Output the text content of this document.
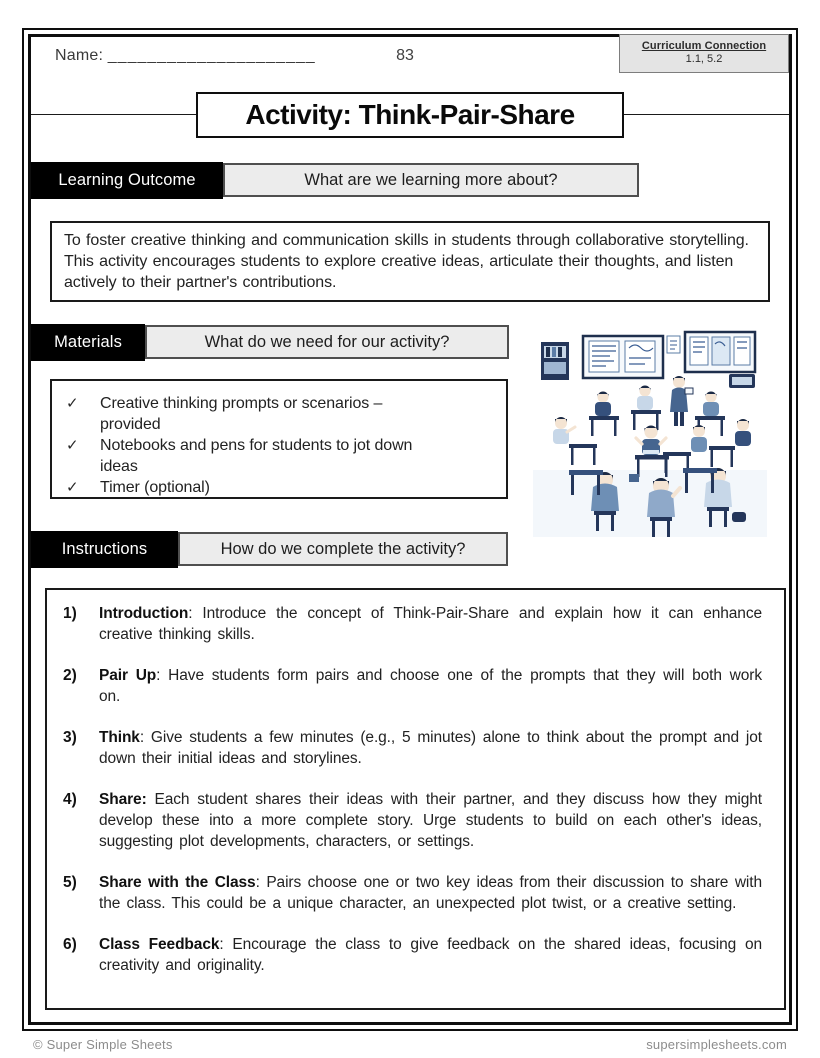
Name: _____________________	83
Curriculum Connection
1.1, 5.2
Activity: Think-Pair-Share
Learning Outcome	What are we learning more about?
To foster creative thinking and communication skills in students through collaborative storytelling. This activity encourages students to explore creative ideas, articulate their thoughts, and listen actively to their partner's contributions.
Materials	What do we need for our activity?
✓	Creative thinking prompts or scenarios – provided
✓	Notebooks and pens for students to jot down ideas
✓	Timer (optional)
Instructions	How do we complete the activity?
1)	Introduction: Introduce the concept of Think-Pair-Share and explain how it can enhance creative thinking skills.

2)	Pair Up: Have students form pairs and choose one of the prompts that they will both work on.

3)	Think: Give students a few minutes (e.g., 5 minutes) alone to think about the prompt and jot down their initial ideas and storylines.

4)	Share: Each student shares their ideas with their partner, and they discuss how they might develop these into a more complete story. Urge students to build on each other's ideas, suggesting plot developments, characters, or settings.

5)	Share with the Class: Pairs choose one or two key ideas from their discussion to share with the class. This could be a unique character, an unexpected plot twist, or a creative setting.

6)	Class Feedback: Encourage the class to give feedback on the shared ideas, focusing on creativity and originality.

© Super Simple Sheets	supersimplesheets.com
